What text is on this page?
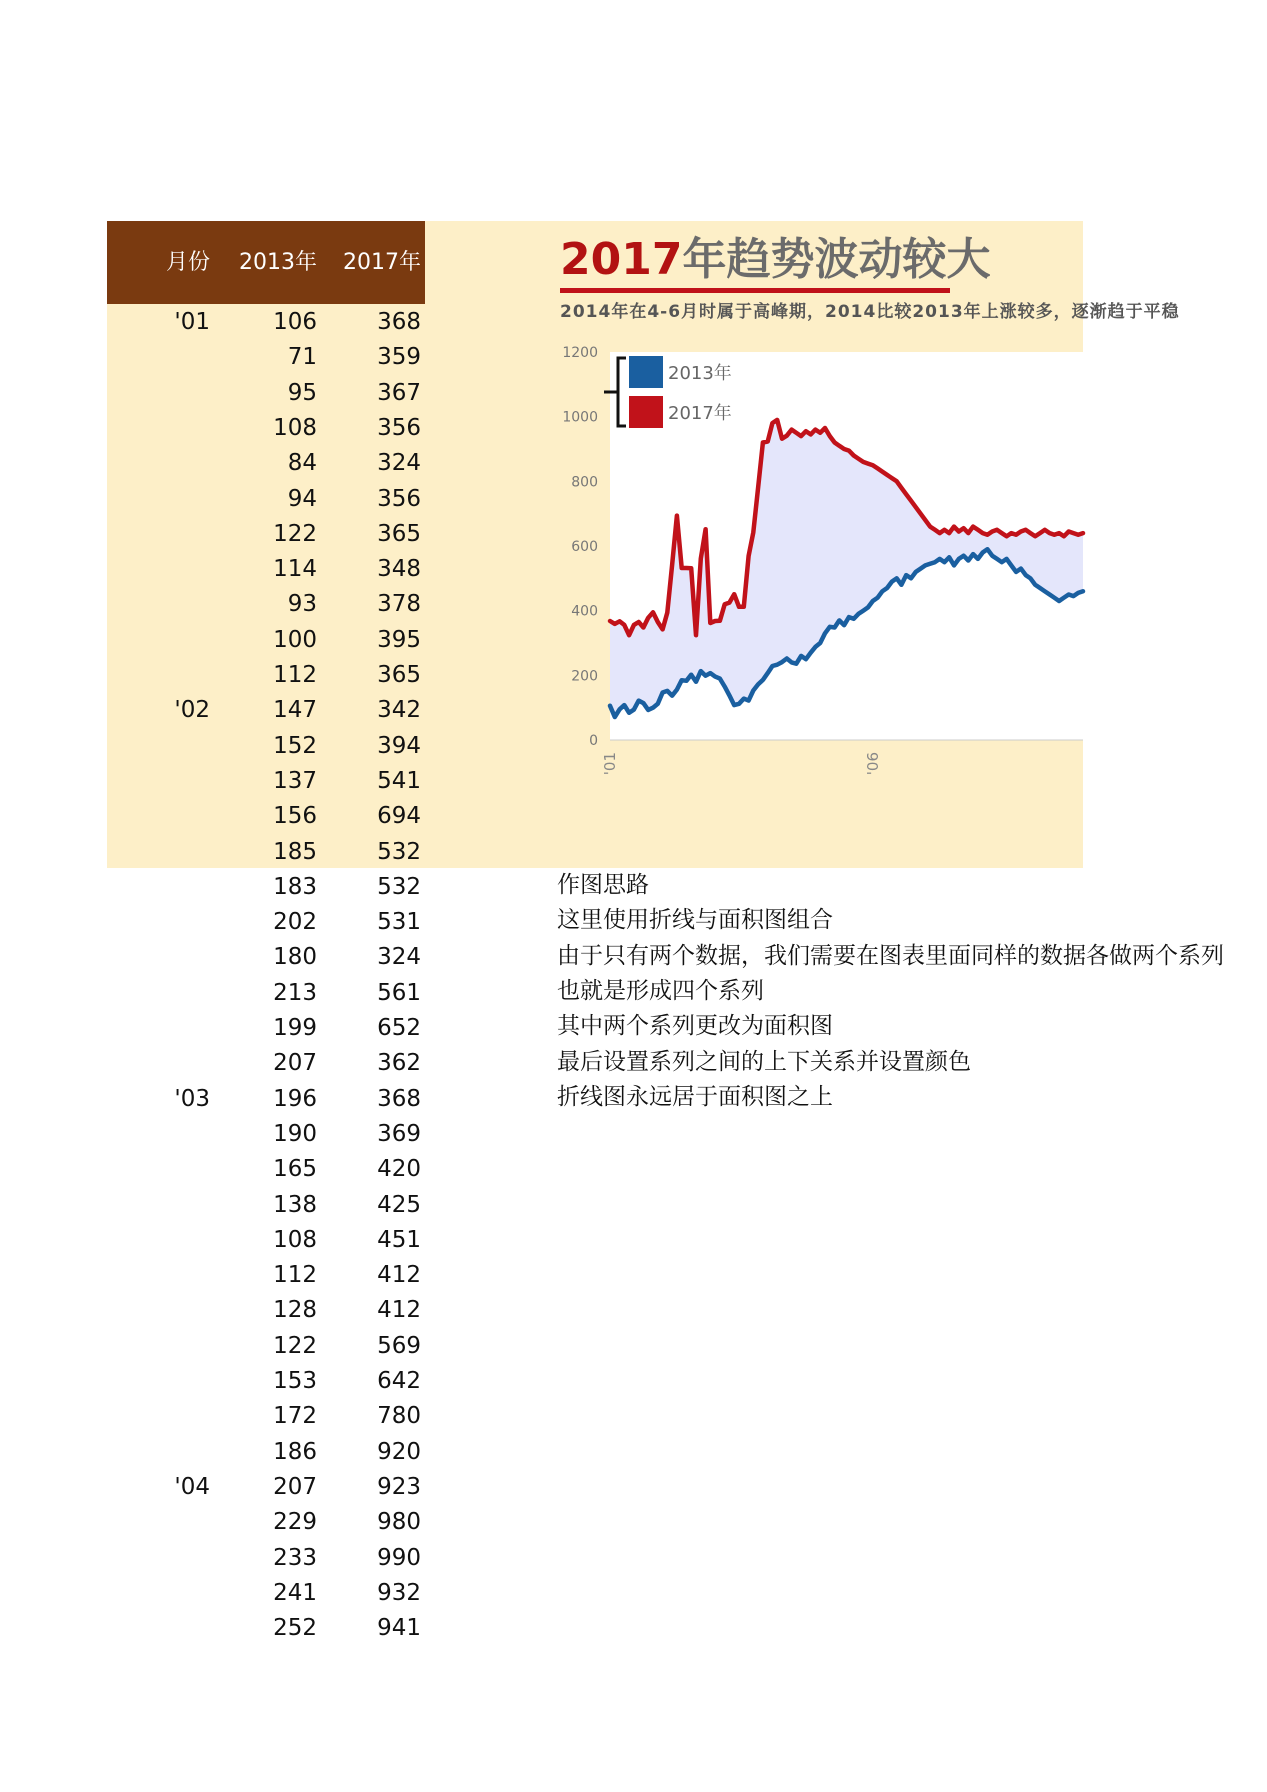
月份	2013年	2017年
'01	106	368
71	359
95	367
108	356
84	324
94	356
122	365
114	348
93	378
100	395
112	365
'02	147	342
152	394
137	541
156	694
185	532
183	532
202	531
180	324
213	561
199	652
207	362
'03	196	368
190	369
165	420
138	425
108	451
112	412
128	412
122	569
153	642
172	780
186	920
'04	207	923
229	980
233	990
241	932
252	941
2017年趋势波动较大
2014年在4-6月时属于高峰期，2014比较2013年上涨较多，逐渐趋于平稳
0
200
400
600
800
1000
1200
'01	'06
2013年
2017年
作图思路
这里使用折线与面积图组合
由于只有两个数据，我们需要在图表里面同样的数据各做两个系列
也就是形成四个系列
其中两个系列更改为面积图
最后设置系列之间的上下关系并设置颜色
折线图永远居于面积图之上
